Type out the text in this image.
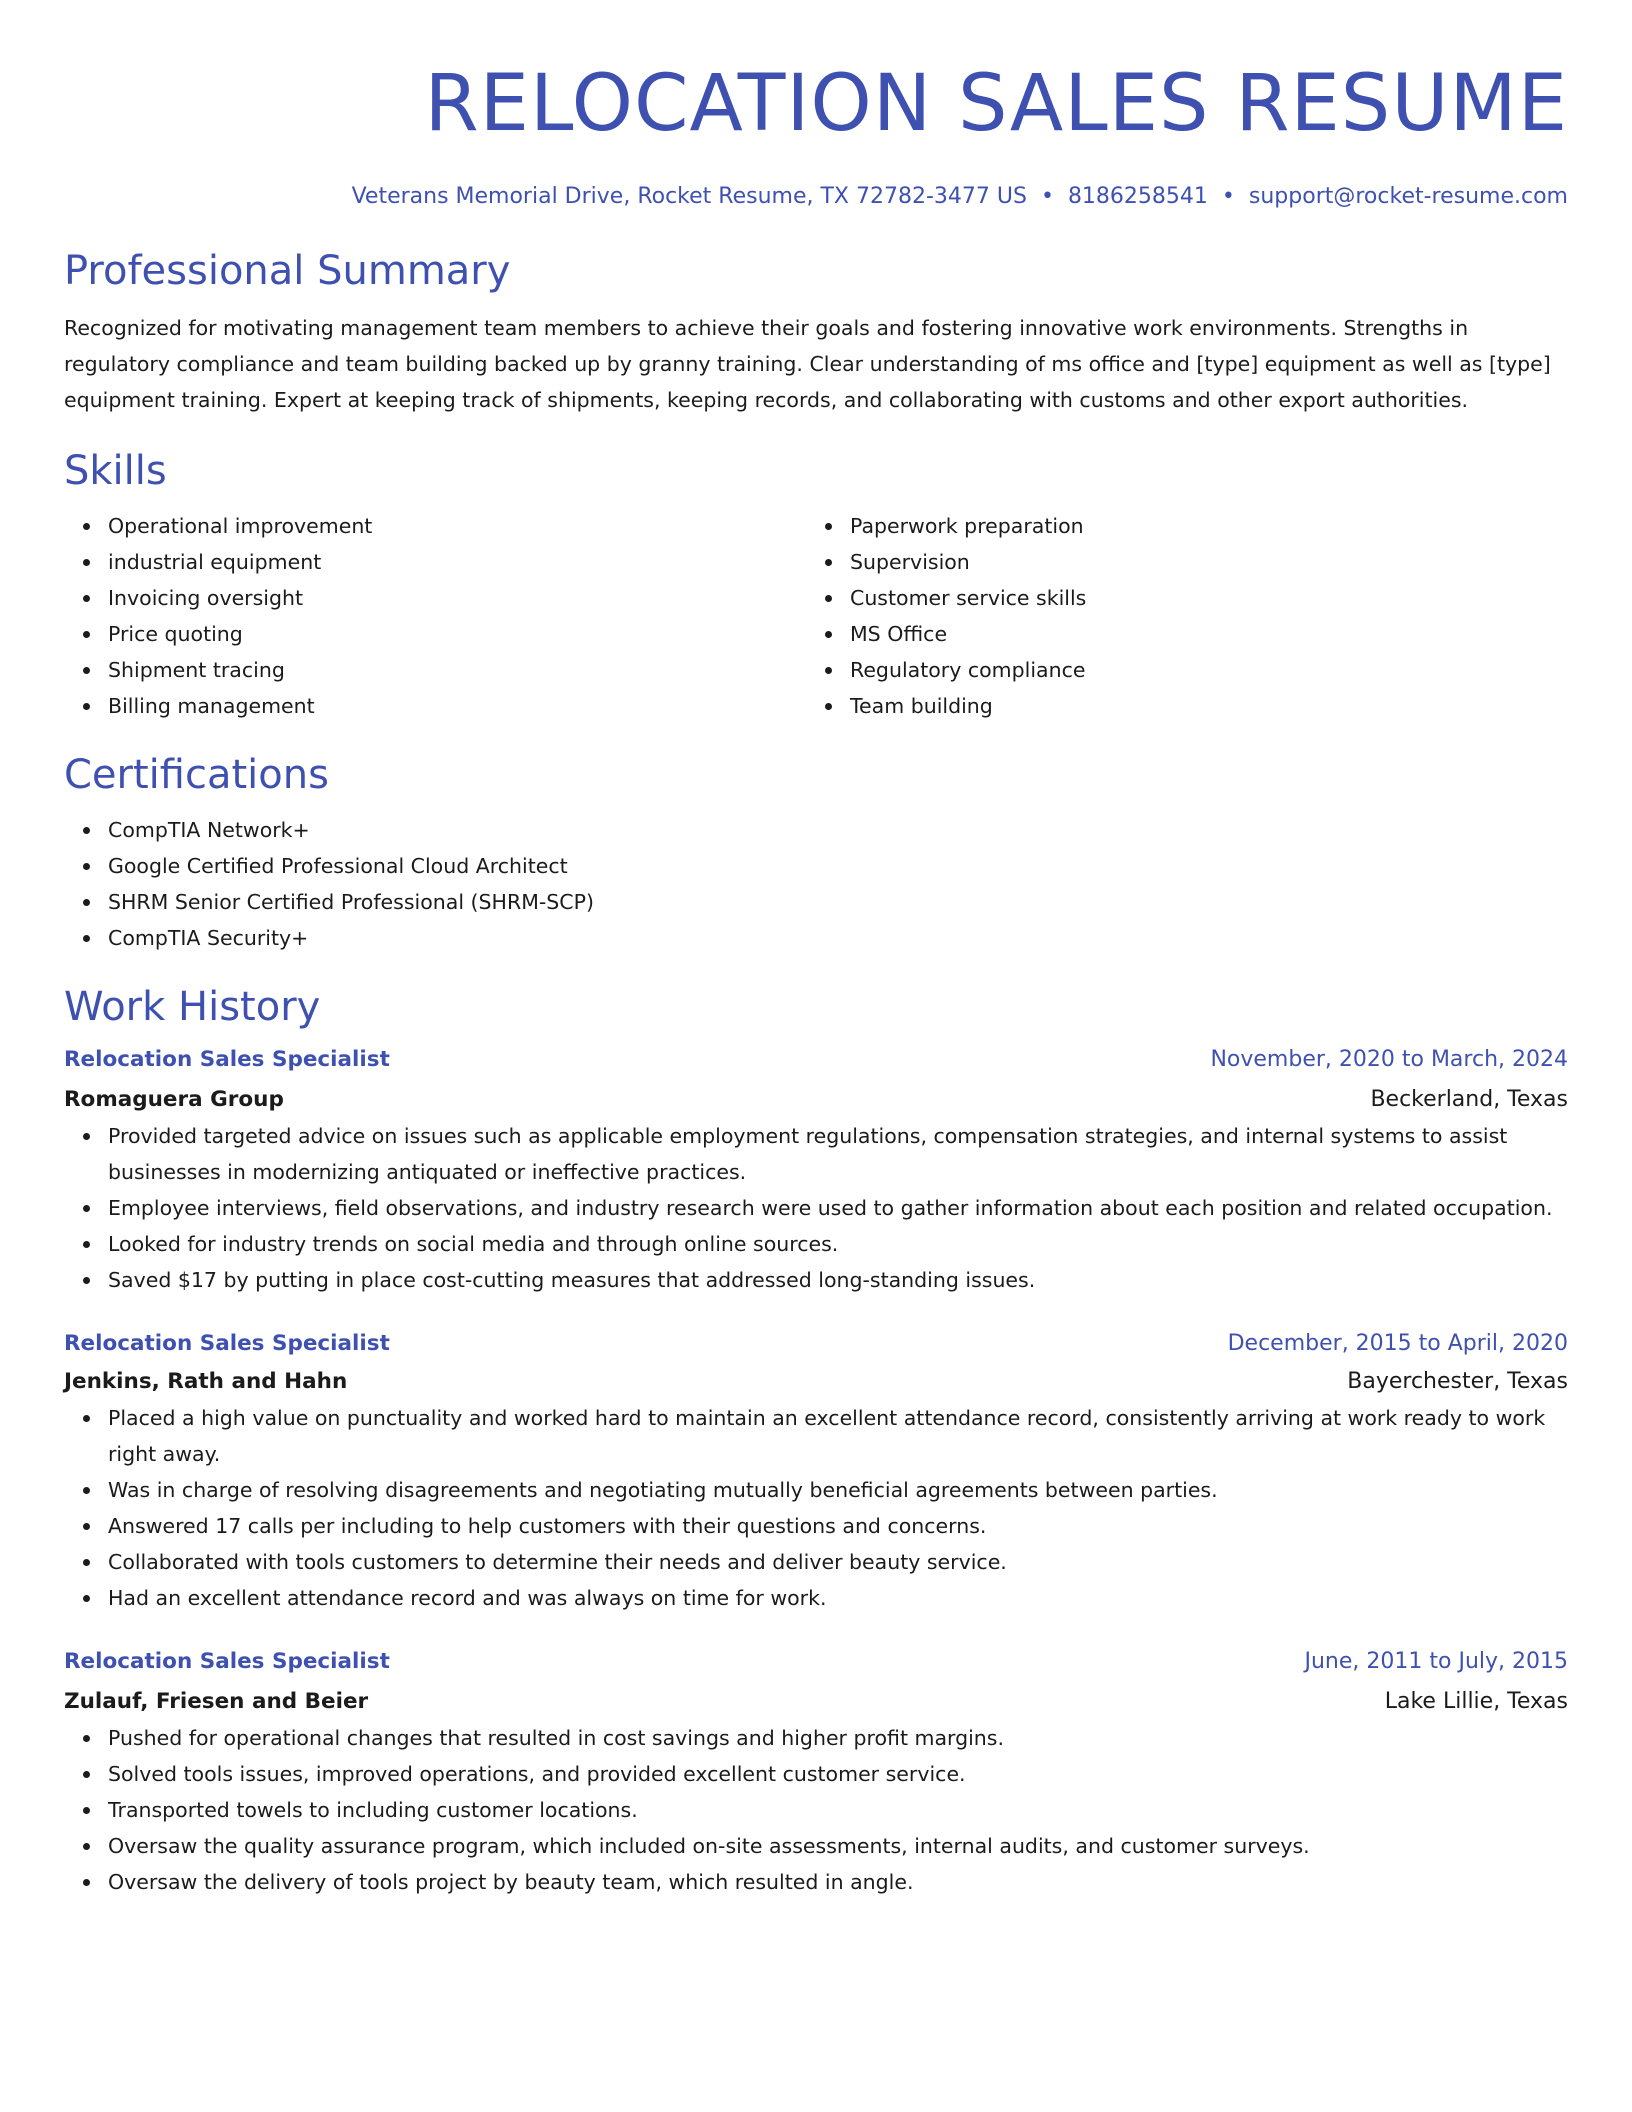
RELOCATION SALES RESUME
Veterans Memorial Drive, Rocket Resume, TX 72782-3477 US • 8186258541 • support@rocket-resume.com
Professional Summary

Recognized for motivating management team members to achieve their goals and fostering innovative work environments. Strengths in regulatory compliance and team building backed up by granny training. Clear understanding of ms office and [type] equipment as well as [type] equipment training. Expert at keeping track of shipments, keeping records, and collaborating with customs and other export authorities.

Skills
Operational improvement
industrial equipment
Invoicing oversight
Price quoting
Shipment tracing
Billing management
Paperwork preparation
Supervision
Customer service skills
MS Office
Regulatory compliance
Team building
Certifications
CompTIA Network+
Google Certified Professional Cloud Architect
SHRM Senior Certified Professional (SHRM-SCP)
CompTIA Security+
Work History
Relocation Sales Specialist	November, 2020 to March, 2024
Romaguera Group	Beckerland, Texas
Provided targeted advice on issues such as applicable employment regulations, compensation strategies, and internal systems to assist businesses in modernizing antiquated or ineffective practices.
Employee interviews, field observations, and industry research were used to gather information about each position and related occupation.
Looked for industry trends on social media and through online sources.
Saved $17 by putting in place cost-cutting measures that addressed long-standing issues.
Relocation Sales Specialist	December, 2015 to April, 2020
Jenkins, Rath and Hahn	Bayerchester, Texas
Placed a high value on punctuality and worked hard to maintain an excellent attendance record, consistently arriving at work ready to work right away.
Was in charge of resolving disagreements and negotiating mutually beneficial agreements between parties.
Answered 17 calls per including to help customers with their questions and concerns.
Collaborated with tools customers to determine their needs and deliver beauty service.
Had an excellent attendance record and was always on time for work.
Relocation Sales Specialist	June, 2011 to July, 2015
Zulauf, Friesen and Beier	Lake Lillie, Texas
Pushed for operational changes that resulted in cost savings and higher profit margins.
Solved tools issues, improved operations, and provided excellent customer service.
Transported towels to including customer locations.
Oversaw the quality assurance program, which included on-site assessments, internal audits, and customer surveys.
Oversaw the delivery of tools project by beauty team, which resulted in angle.
